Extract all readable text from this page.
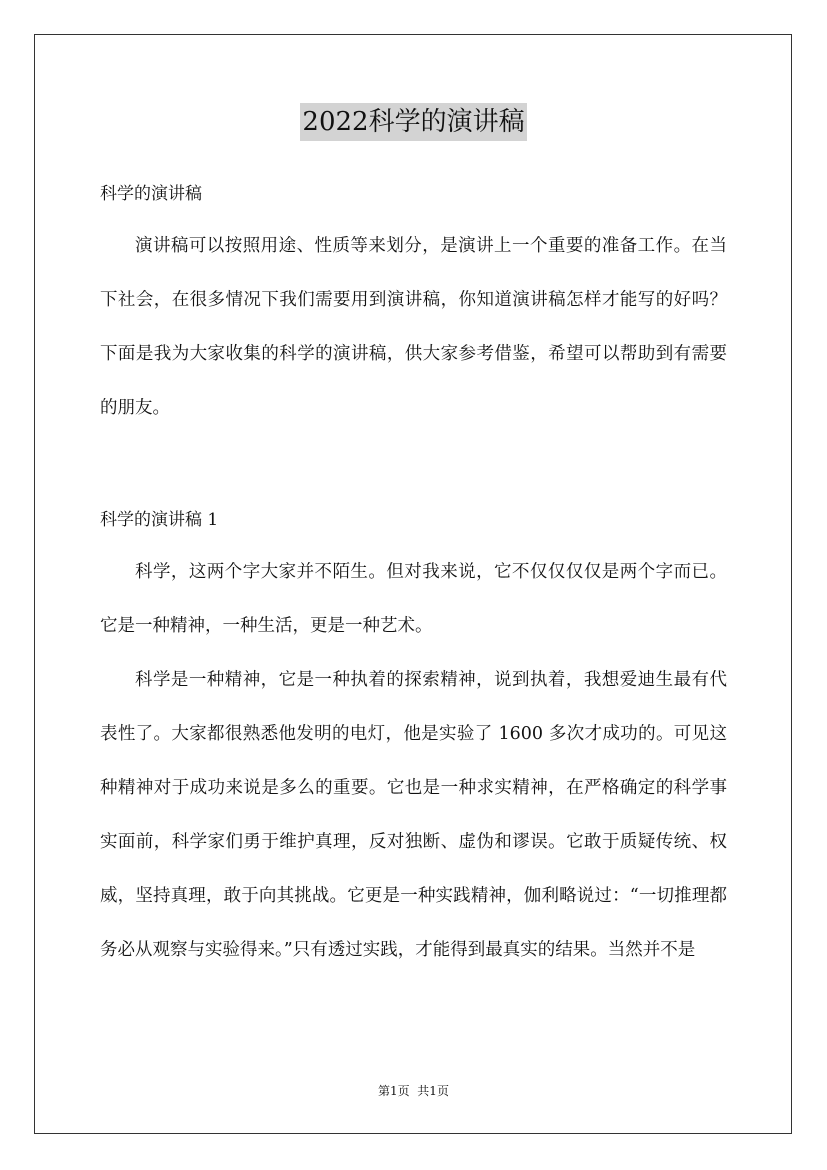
2022科学的演讲稿
科学的演讲稿

演讲稿可以按照用途、性质等来划分，是演讲上一个重要的准备工作。在当下社会，在很多情况下我们需要用到演讲稿，你知道演讲稿怎样才能写的好吗？下面是我为大家收集的科学的演讲稿，供大家参考借鉴，希望可以帮助到有需要的朋友。

科学的演讲稿 1

科学，这两个字大家并不陌生。但对我来说，它不仅仅仅仅是两个字而已。它是一种精神，一种生活，更是一种艺术。

科学是一种精神，它是一种执着的探索精神，说到执着，我想爱迪生最有代表性了。大家都很熟悉他发明的电灯，他是实验了 1600 多次才成功的。可见这种精神对于成功来说是多么的重要。它也是一种求实精神，在严格确定的科学事实面前，科学家们勇于维护真理，反对独断、虚伪和谬误。它敢于质疑传统、权威，坚持真理，敢于向其挑战。它更是一种实践精神，伽利略说过：“一切推理都务必从观察与实验得来。”只有透过实践，才能得到最真实的结果。当然并不是

第1页  共1页
